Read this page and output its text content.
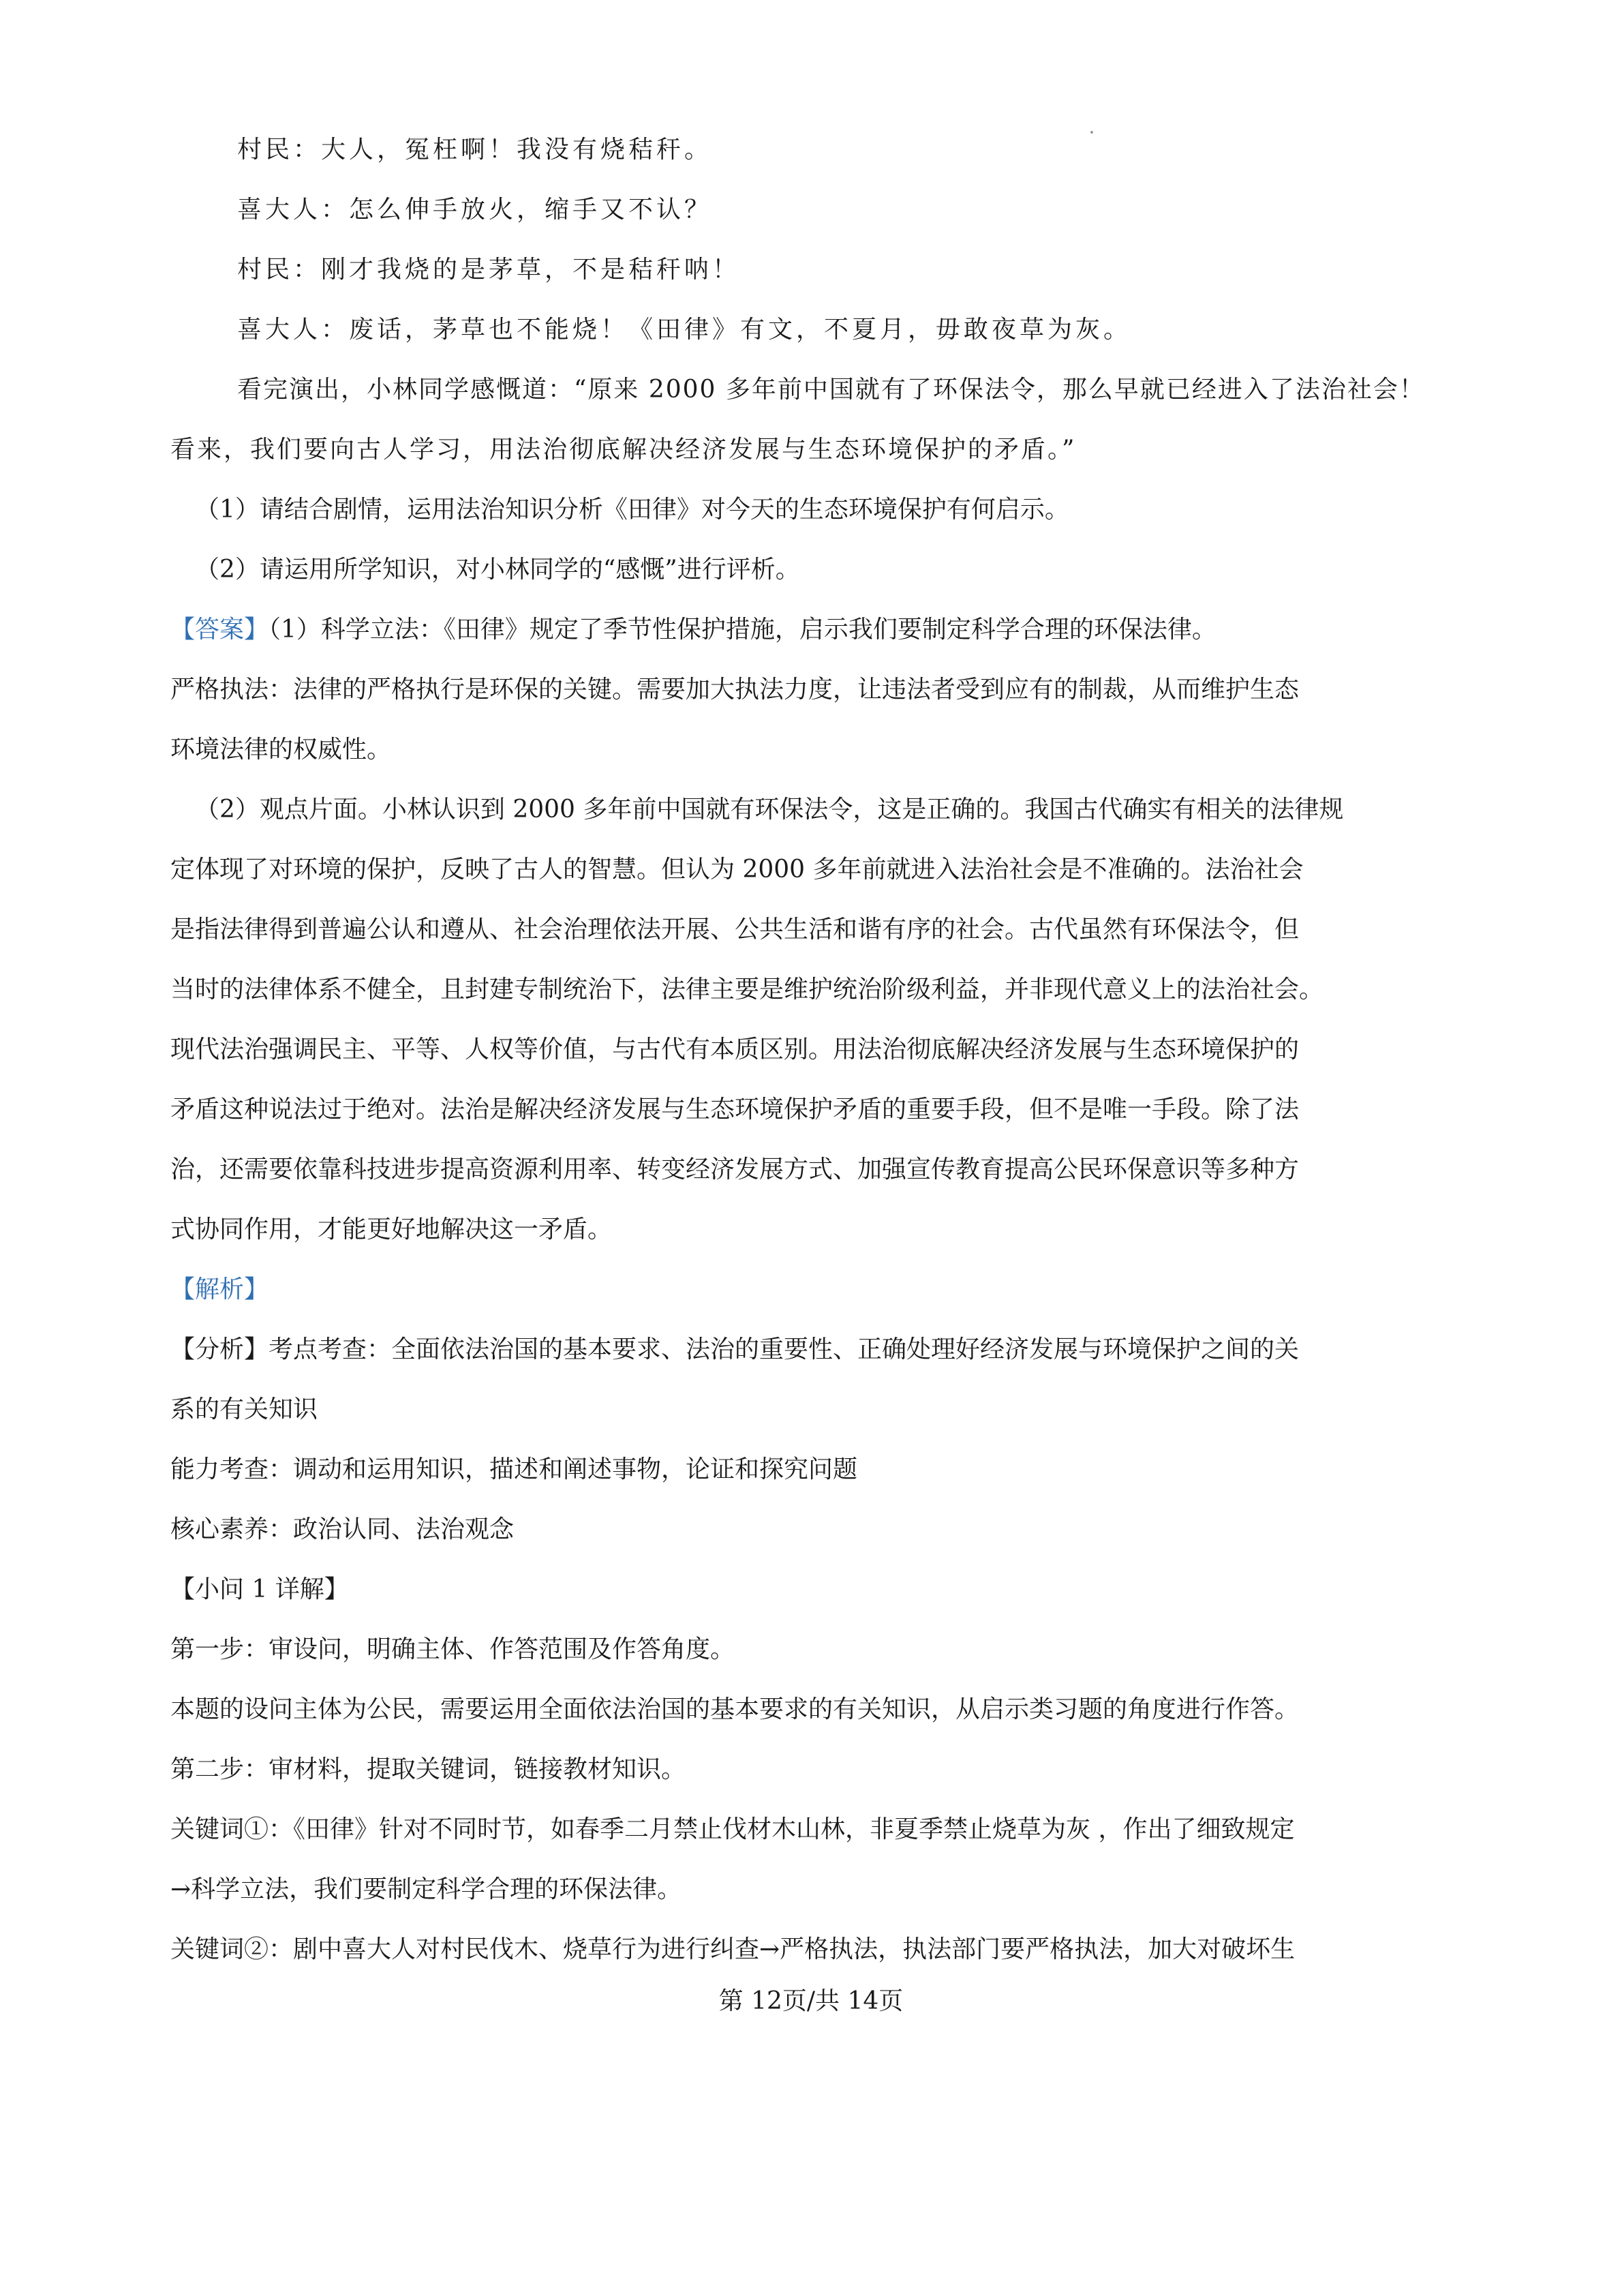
村民：大人，冤枉啊！我没有烧秸秆。
喜大人：怎么伸手放火，缩手又不认？
村民：刚才我烧的是茅草，不是秸秆呐！
喜大人：废话，茅草也不能烧！《田律》有文，不夏月，毋敢夜草为灰。
看完演出，小林同学感慨道：“原来 2000 多年前中国就有了环保法令，那么早就已经进入了法治社会！
看来，我们要向古人学习，用法治彻底解决经济发展与生态环境保护的矛盾。”
（1）请结合剧情，运用法治知识分析《田律》对今天的生态环境保护有何启示。
（2）请运用所学知识，对小林同学的“感慨”进行评析。
【答案】（1）科学立法：《田律》规定了季节性保护措施，启示我们要制定科学合理的环保法律。
严格执法：法律的严格执行是环保的关键。需要加大执法力度，让违法者受到应有的制裁，从而维护生态
环境法律的权威性。
（2）观点片面。小林认识到 2000 多年前中国就有环保法令，这是正确的。我国古代确实有相关的法律规
定体现了对环境的保护，反映了古人的智慧。但认为 2000 多年前就进入法治社会是不准确的。法治社会
是指法律得到普遍公认和遵从、社会治理依法开展、公共生活和谐有序的社会。古代虽然有环保法令，但
当时的法律体系不健全，且封建专制统治下，法律主要是维护统治阶级利益，并非现代意义上的法治社会。
现代法治强调民主、平等、人权等价值，与古代有本质区别。用法治彻底解决经济发展与生态环境保护的
矛盾这种说法过于绝对。法治是解决经济发展与生态环境保护矛盾的重要手段，但不是唯一手段。除了法
治，还需要依靠科技进步提高资源利用率、转变经济发展方式、加强宣传教育提高公民环保意识等多种方
式协同作用，才能更好地解决这一矛盾。
【解析】
【分析】考点考查：全面依法治国的基本要求、法治的重要性、正确处理好经济发展与环境保护之间的关
系的有关知识
能力考查：调动和运用知识，描述和阐述事物，论证和探究问题
核心素养：政治认同、法治观念
【小问 1 详解】
第一步：审设问，明确主体、作答范围及作答角度。
本题的设问主体为公民，需要运用全面依法治国的基本要求的有关知识，从启示类习题的角度进行作答。
第二步：审材料，提取关键词，链接教材知识。
关键词①：《田律》针对不同时节，如春季二月禁止伐材木山林，非夏季禁止烧草为灰 ，作出了细致规定
→科学立法，我们要制定科学合理的环保法律。
关键词②：剧中喜大人对村民伐木、烧草行为进行纠查→严格执法，执法部门要严格执法，加大对破坏生
第 12页/共 14页
